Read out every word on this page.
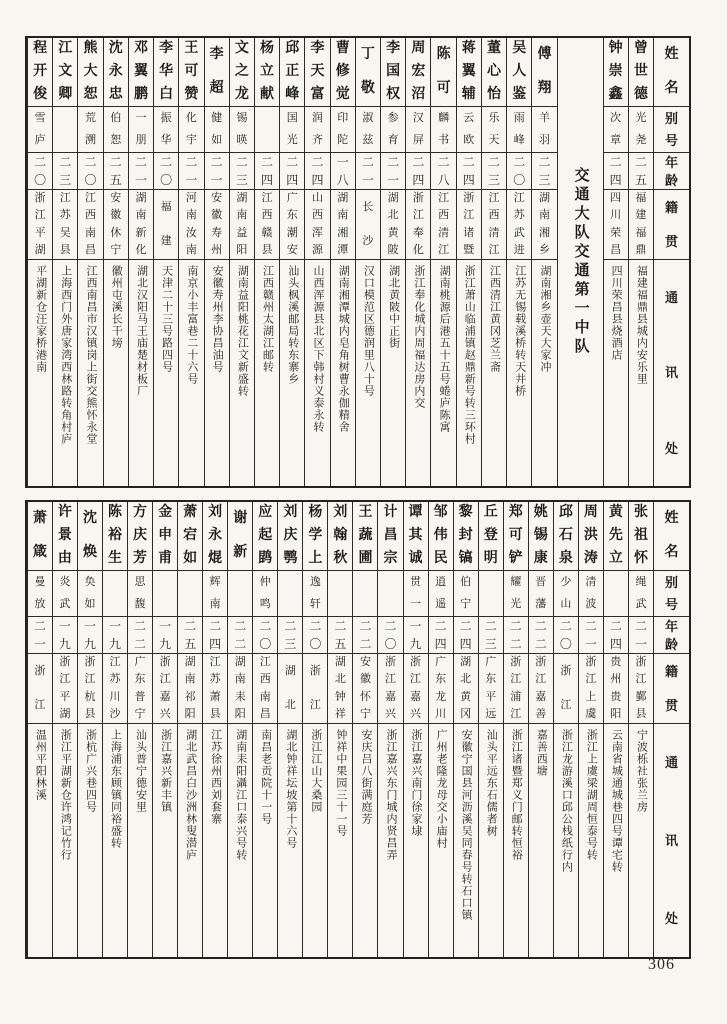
姓
名
别
号
年
龄
籍
贯
通
讯
处
曾
世
德
光
尧
二
五
福
建
福
鼎
福建福鼎县城内安乐里
钟
崇
鑫
次
章
二
四
四
川
荣
昌
四川荣昌县烧酒店
交通大队交通第一中队
傅
翔
羊
羽
二
三
湖
南
湘
乡
湖南湘乡壶天大家冲
吴
人
鉴
雨
峰
二
〇
江
苏
武
进
江苏无锡载溪桥转天井桥
董
心
怡
乐
天
二
三
江
西
清
江
江西清江黄冈芝兰斋
蒋
翼
辅
云
欧
二
四
浙
江
诸
暨
浙江萧山临浦镇赵鼎新号转三环村
陈
可
麟
书
二
八
江
西
清
江
湖南桃源后港五十五号蜷庐陈寓
周
宏
沼
汉
屏
二
四
浙
江
奉
化
浙江奉化城内周福达房内交
李
国
权
参
育
二
一
湖
北
黄
陂
湖北黄陂中正街
丁
敬
淑
兹
二
一
长
沙
汉口模范区德润里八十号
曹
修
觉
印
陀
一
八
湖
南
湘
潭
湖南湘潭城内皂角树曹永伽精舍
李
天
富
润
齐
二
四
山
西
浑
源
山西浑源县北区下韩村义泰永转
邱
正
峰
国
光
二
四
广
东
潮
安
汕头枫溪邮局转东寨乡
杨
立
献
二
四
江
西
赣
县
江西赣州太湖江邮转
文
之
龙
锡
暎
二
三
湖
南
益
阳
湖南益阳桃花江文新盛转
李
超
健
如
二
一
安
徽
寿
州
安徽寿州李协昌油号
王
可
赞
化
宇
二
一
河
南
汝
南
南京小丰富巷二十六号
李
华
白
振
华
二
〇
福
建
天津二十三号路四号
邓
翼
鹏
一
朋
二
一
湖
南
新
化
湖北汉阳马王庙楚材板厂
沈
永
忠
伯
恕
二
五
安
徽
休
宁
徽州屯溪长干塝
熊
大
恕
荒
溯
二
〇
江
西
南
昌
江西南昌市汉镇岗上街交熊怀永堂
江
文
卿
二
三
江
苏
吴
县
上海西门外唐家湾西林路转角村庐
程
开
俊
雪
庐
二
〇
浙
江
平
湖
平湖新仓汪家桥港南
姓
名
别
号
年
龄
籍
贯
通
讯
处
张
祖
怀
绳
武
二
一
浙
江
鄞
县
宁波栎社张兰房
黄
先
立
二
四
贵
州
贵
阳
云南省城通城巷四号谭宅转
周
洪
涛
清
波
二
一
浙
江
上
虞
浙江上虞梁湖周恒泰号转
邱
石
泉
少
山
二
〇
浙
江
浙江龙游溪口邱公栈纸行内
姚
锡
康
晋
藩
二
二
浙
江
嘉
善
嘉善西塘
郑
可
铲
耀
光
二
二
浙
江
浦
江
浙江诸暨郑义门邮转恒裕
丘
登
明
二
三
广
东
平
远
汕头平远东石儒者树
黎
封
镐
伯
宁
二
四
湖
北
黄
冈
安徽宁国县河沥溪吴同春号转石口镇
邹
伟
民
逍
遥
二
四
广
东
龙
川
广州老隆龙母交小庙村
谭
其
诚
贯
一
一
九
浙
江
嘉
兴
浙江嘉兴南门徐家埭
计
昌
宗
二
〇
浙
江
嘉
兴
浙江嘉兴东门城内贤昌弄
王
蔬
圃
二
二
安
徽
怀
宁
安庆吕八街满庭芳
刘
翰
秋
二
五
湖
北
钟
祥
钟祥中果园三十一号
杨
学
上
逸
轩
二
〇
浙
江
浙江江山大桑园
刘
庆
鹗
二
三
湖
北
湖北钟祥坛坡第十六号
应
起
鹍
仲
鸣
二
〇
江
西
南
昌
南昌老贡院十一号
谢
新
二
二
湖
南
耒
阳
湖南耒阳灄江口泰兴号转
刘
永
焜
辉
南
二
四
江
苏
萧
县
江苏徐州西刘套寨
萧
宕
如
二
五
湖
南
祁
阳
湖北武昌白沙洲林叟潜庐
金
申
甫
一
九
浙
江
嘉
兴
浙江嘉兴新丰镇
方
庆
芳
思
馥
二
二
广
东
普
宁
汕头普宁德安里
陈
裕
生
一
九
江
苏
川
沙
上海浦东顾镇同裕盛转
沈
焕
奂
如
一
九
浙
江
杭
县
浙杭广兴巷四号
许
景
由
炎
武
一
九
浙
江
平
湖
浙江平湖新仓许鸿记竹行
萧
箴
曼
放
二
一
浙
江
温州平阳林溪
306
